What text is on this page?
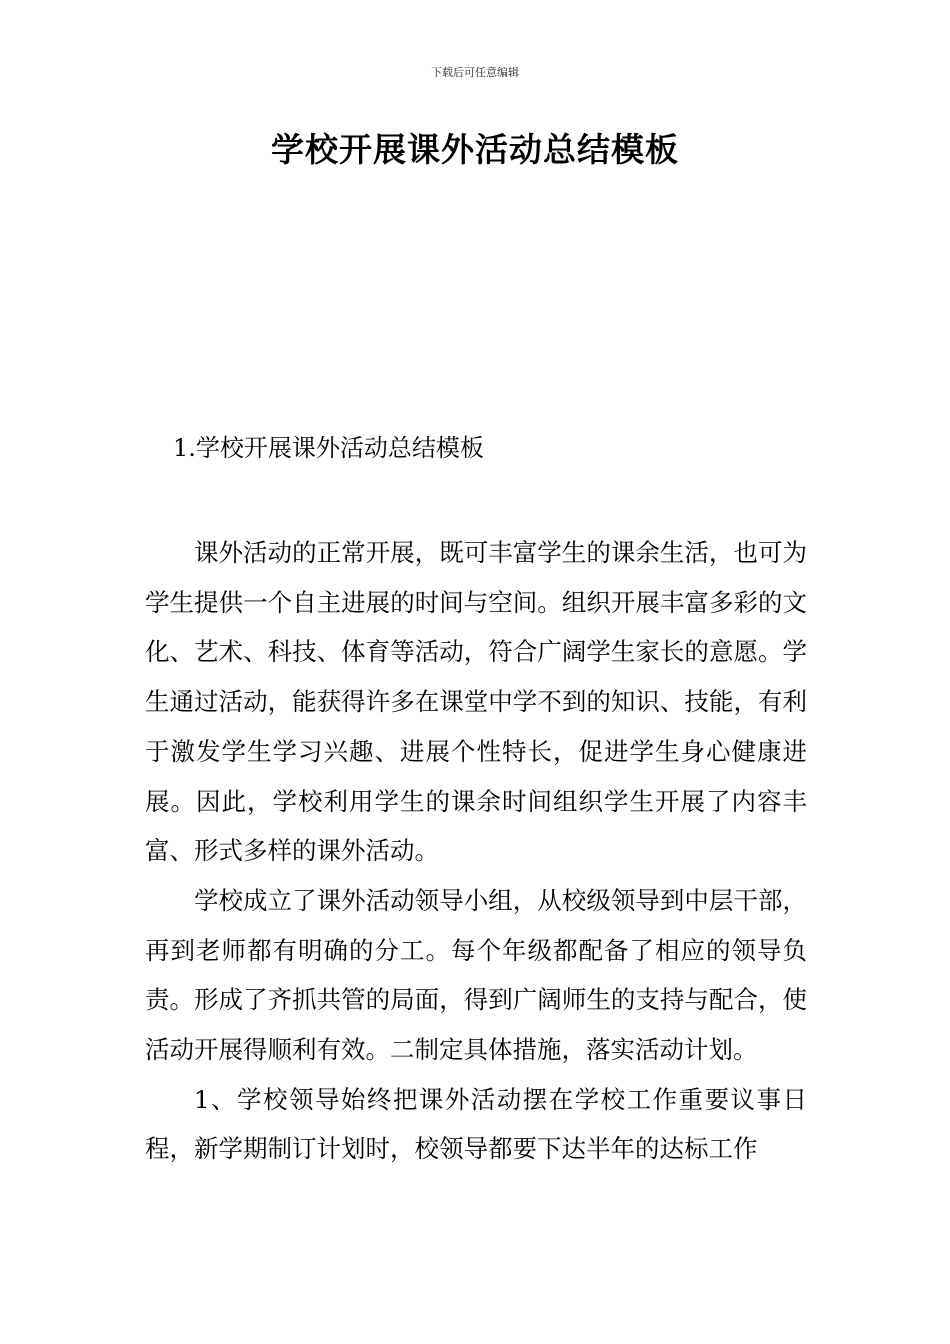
下载后可任意编辑
学校开展课外活动总结模板
1.学校开展课外活动总结模板

课外活动的正常开展，既可丰富学生的课余生活，也可为学生提供一个自主进展的时间与空间。组织开展丰富多彩的文化、艺术、科技、体育等活动，符合广阔学生家长的意愿。学生通过活动，能获得许多在课堂中学不到的知识、技能，有利于激发学生学习兴趣、进展个性特长，促进学生身心健康进展。因此，学校利用学生的课余时间组织学生开展了内容丰富、形式多样的课外活动。

学校成立了课外活动领导小组，从校级领导到中层干部，再到老师都有明确的分工。每个年级都配备了相应的领导负责。形成了齐抓共管的局面，得到广阔师生的支持与配合，使活动开展得顺利有效。二制定具体措施，落实活动计划。

1、学校领导始终把课外活动摆在学校工作重要议事日程，新学期制订计划时，校领导都要下达半年的达标工作
